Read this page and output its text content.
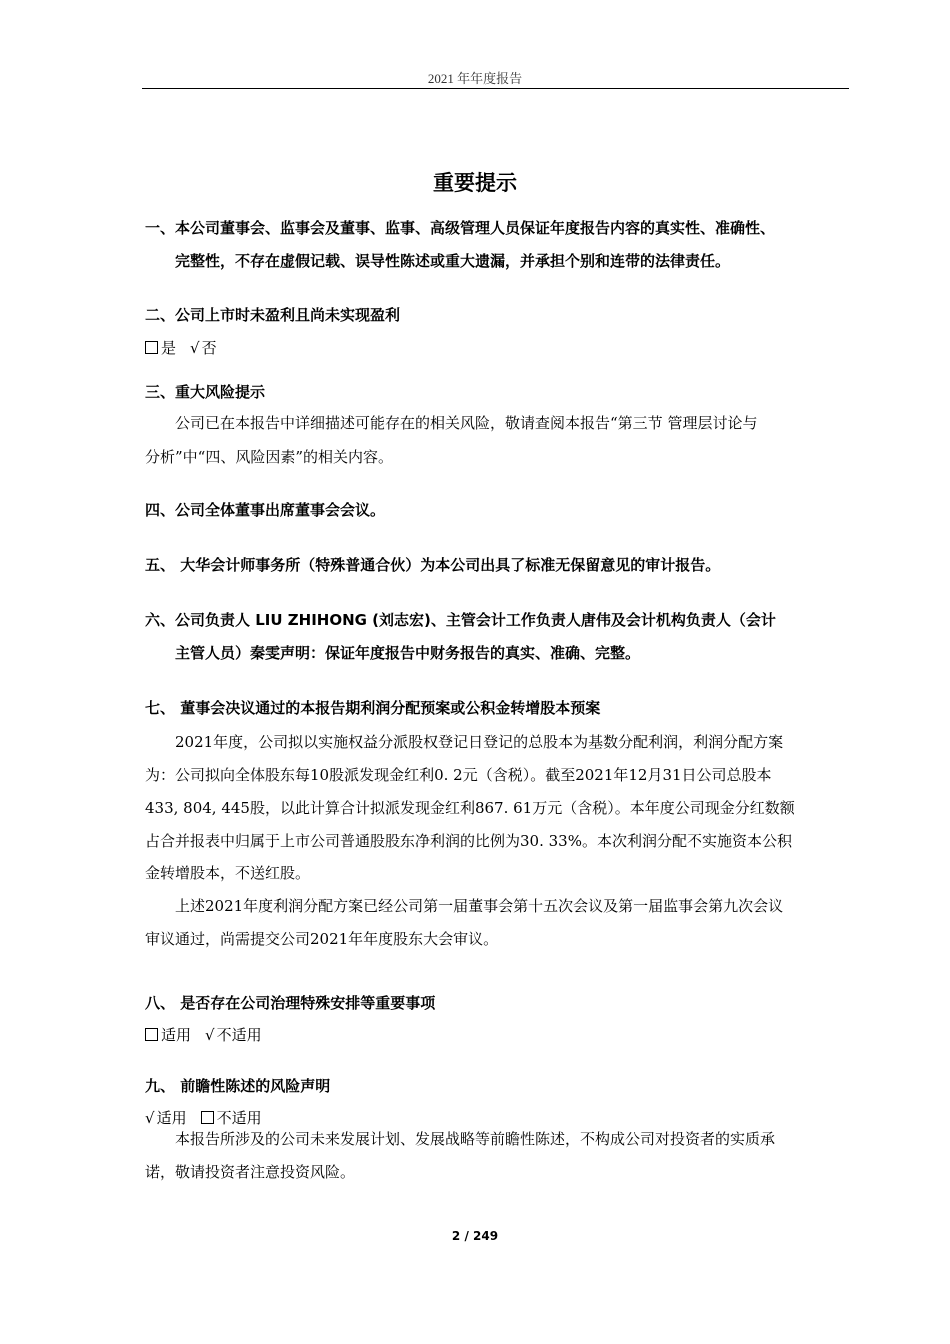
2021 年年度报告
重要提示
一、本公司董事会、监事会及董事、监事、高级管理人员保证年度报告内容的真实性、准确性、
完整性，不存在虚假记载、误导性陈述或重大遗漏，并承担个别和连带的法律责任。
二、公司上市时未盈利且尚未实现盈利
是 √ 否
三、重大风险提示
公司已在本报告中详细描述可能存在的相关风险，敬请查阅本报告“第三节 管理层讨论与
分析”中“四、风险因素”的相关内容。
四、公司全体董事出席董事会会议。
五、 大华会计师事务所（特殊普通合伙）为本公司出具了标准无保留意见的审计报告。
六、公司负责人 LIU ZHIHONG (刘志宏)、主管会计工作负责人唐伟及会计机构负责人（会计
主管人员）秦雯声明：保证年度报告中财务报告的真实、准确、完整。
七、 董事会决议通过的本报告期利润分配预案或公积金转增股本预案
2021年度，公司拟以实施权益分派股权登记日登记的总股本为基数分配利润，利润分配方案
为：公司拟向全体股东每10股派发现金红利0. 2元（含税）。截至2021年12月31日公司总股本
433, 804, 445股，以此计算合计拟派发现金红利867. 61万元（含税）。本年度公司现金分红数额
占合并报表中归属于上市公司普通股股东净利润的比例为30. 33%。本次利润分配不实施资本公积
金转增股本，不送红股。
上述2021年度利润分配方案已经公司第一届董事会第十五次会议及第一届监事会第九次会议
审议通过，尚需提交公司2021年年度股东大会审议。
八、 是否存在公司治理特殊安排等重要事项
适用 √ 不适用
九、 前瞻性陈述的风险声明
√ 适用 不适用
本报告所涉及的公司未来发展计划、发展战略等前瞻性陈述，不构成公司对投资者的实质承
诺，敬请投资者注意投资风险。
2 / 249
